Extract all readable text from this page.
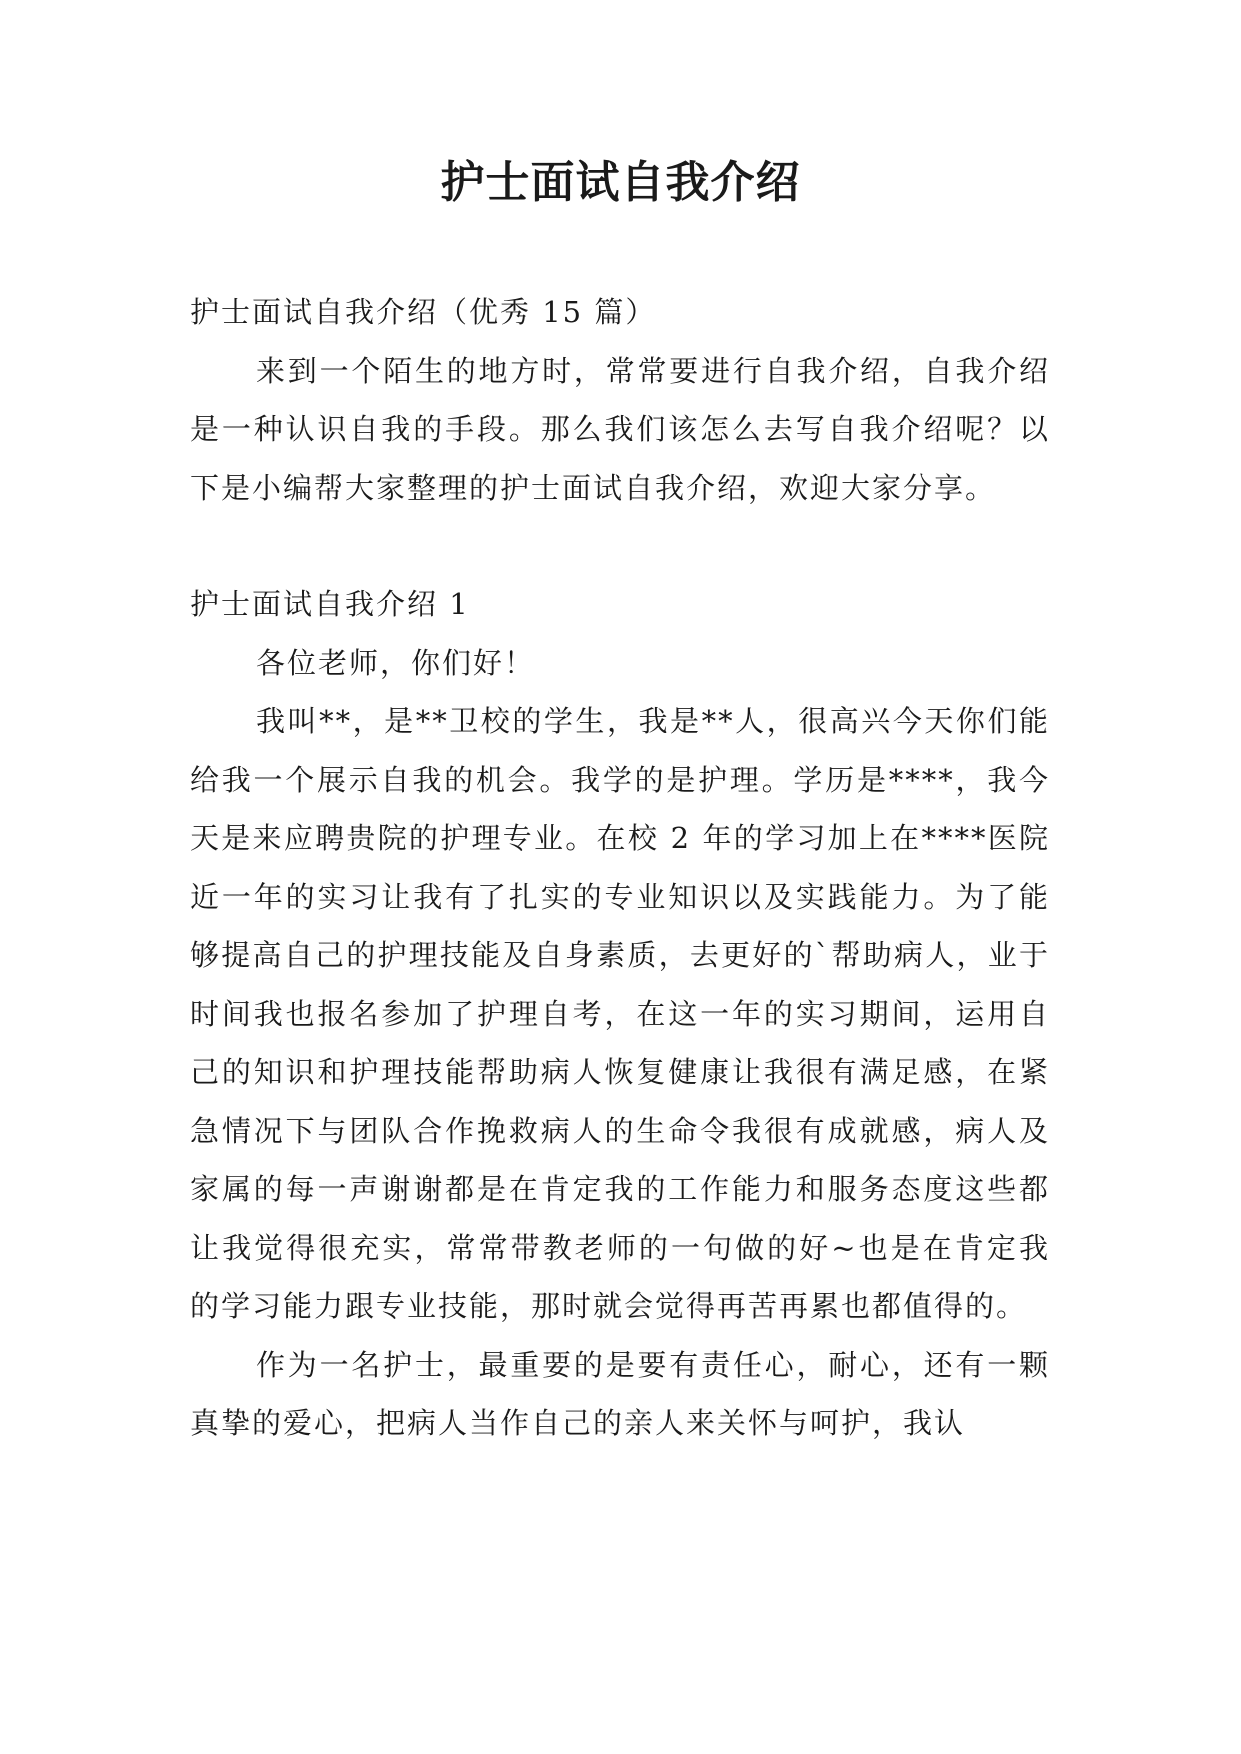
护士面试自我介绍

护士面试自我介绍（优秀 15 篇）

来到一个陌生的地方时，常常要进行自我介绍，自我介绍是一种认识自我的手段。那么我们该怎么去写自我介绍呢？以下是小编帮大家整理的护士面试自我介绍，欢迎大家分享。

护士面试自我介绍 1

各位老师，你们好！

我叫**，是**卫校的学生，我是**人，很高兴今天你们能给我一个展示自我的机会。我学的是护理。学历是****，我今天是来应聘贵院的护理专业。在校 2 年的学习加上在****医院近一年的实习让我有了扎实的专业知识以及实践能力。为了能够提高自己的护理技能及自身素质，去更好的`帮助病人，业于时间我也报名参加了护理自考，在这一年的实习期间，运用自己的知识和护理技能帮助病人恢复健康让我很有满足感，在紧急情况下与团队合作挽救病人的生命令我很有成就感，病人及家属的每一声谢谢都是在肯定我的工作能力和服务态度这些都让我觉得很充实，常常带教老师的一句做的好~也是在肯定我的学习能力跟专业技能，那时就会觉得再苦再累也都值得的。

作为一名护士，最重要的是要有责任心，耐心，还有一颗真挚的爱心，把病人当作自己的亲人来关怀与呵护，我认
